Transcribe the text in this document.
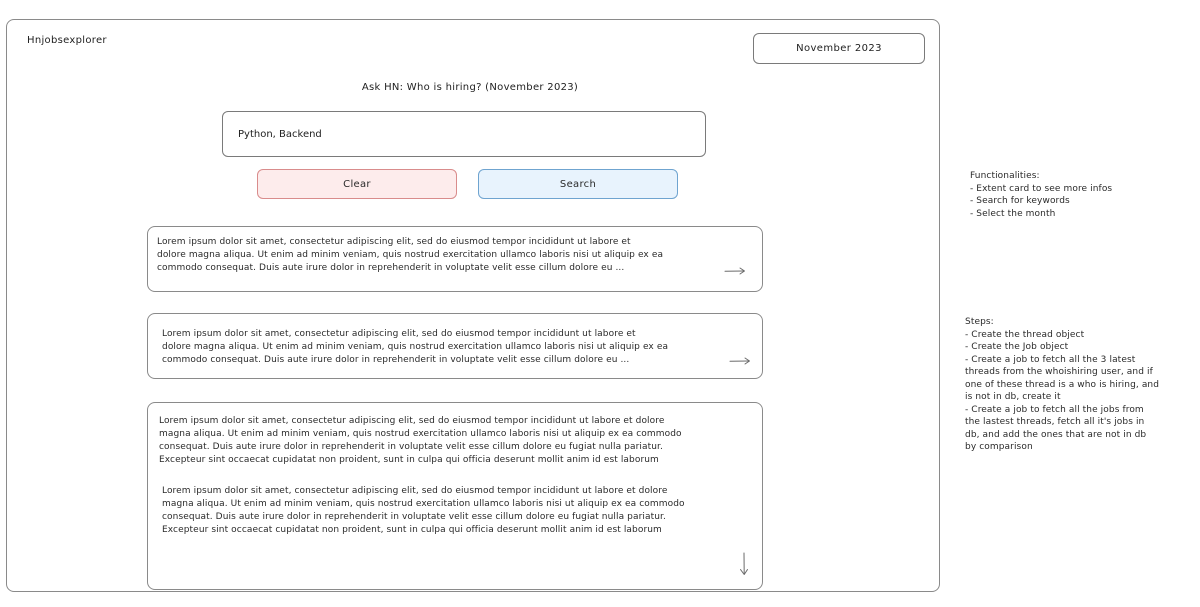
Hnjobsexplorer
November 2023
Ask HN: Who is hiring? (November 2023)
Python, Backend
Clear	Search
Lorem ipsum dolor sit amet, consectetur adipiscing elit, sed do eiusmod tempor incididunt ut labore et
dolore magna aliqua. Ut enim ad minim veniam, quis nostrud exercitation ullamco laboris nisi ut aliquip ex ea
commodo consequat. Duis aute irure dolor in reprehenderit in voluptate velit esse cillum dolore eu ...
Lorem ipsum dolor sit amet, consectetur adipiscing elit, sed do eiusmod tempor incididunt ut labore et
dolore magna aliqua. Ut enim ad minim veniam, quis nostrud exercitation ullamco laboris nisi ut aliquip ex ea
commodo consequat. Duis aute irure dolor in reprehenderit in voluptate velit esse cillum dolore eu ...
Lorem ipsum dolor sit amet, consectetur adipiscing elit, sed do eiusmod tempor incididunt ut labore et dolore
magna aliqua. Ut enim ad minim veniam, quis nostrud exercitation ullamco laboris nisi ut aliquip ex ea commodo
consequat. Duis aute irure dolor in reprehenderit in voluptate velit esse cillum dolore eu fugiat nulla pariatur.
Excepteur sint occaecat cupidatat non proident, sunt in culpa qui officia deserunt mollit anim id est laborum
Lorem ipsum dolor sit amet, consectetur adipiscing elit, sed do eiusmod tempor incididunt ut labore et dolore
magna aliqua. Ut enim ad minim veniam, quis nostrud exercitation ullamco laboris nisi ut aliquip ex ea commodo
consequat. Duis aute irure dolor in reprehenderit in voluptate velit esse cillum dolore eu fugiat nulla pariatur.
Excepteur sint occaecat cupidatat non proident, sunt in culpa qui officia deserunt mollit anim id est laborum
Functionalities:
- Extent card to see more infos
- Search for keywords
- Select the month
Steps:
- Create the thread object
- Create the Job object
- Create a job to fetch all the 3 latest
threads from the whoishiring user, and if
one of these thread is a who is hiring, and
is not in db, create it
- Create a job to fetch all the jobs from
the lastest threads, fetch all it's jobs in
db, and add the ones that are not in db
by comparison
